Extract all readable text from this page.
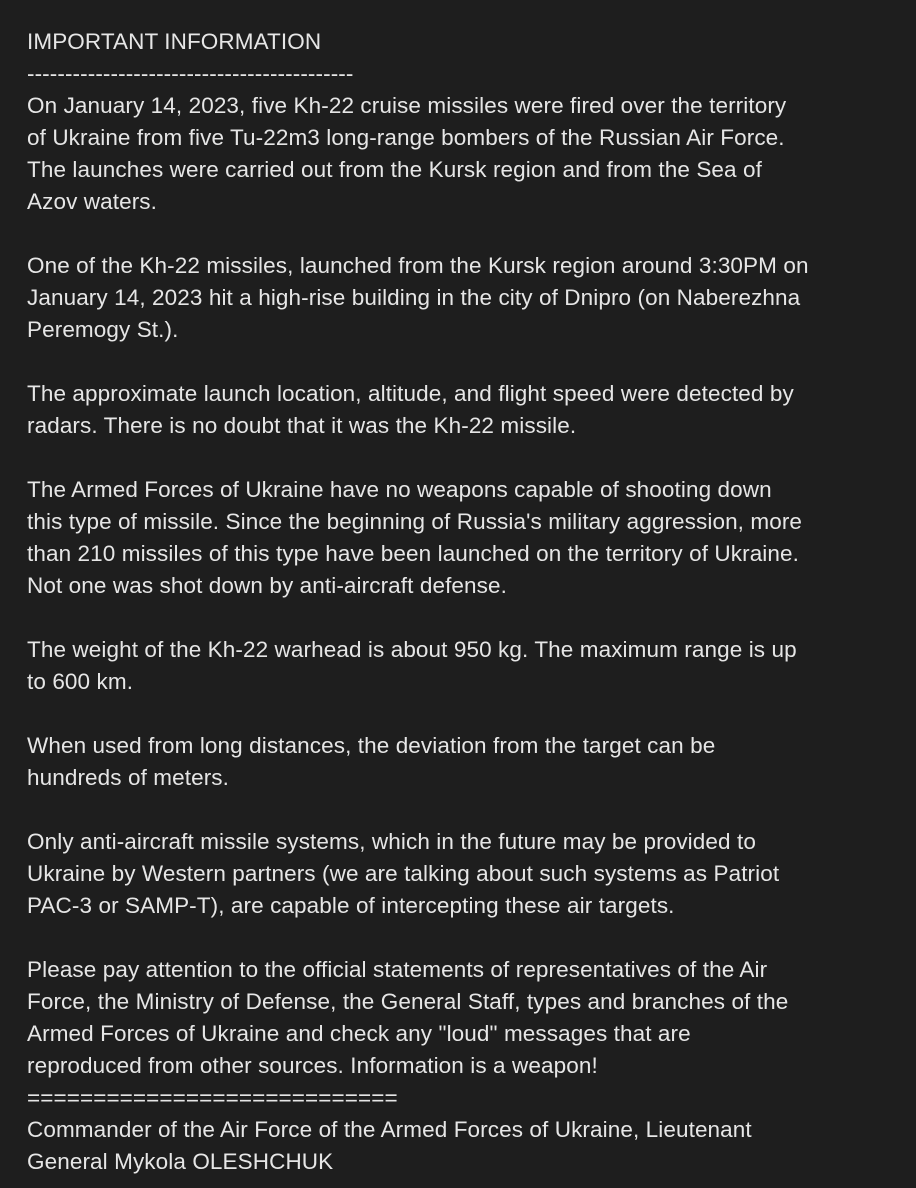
IMPORTANT INFORMATION
-------------------------------------------
On January 14, 2023, five Kh-22 cruise missiles were fired over the territory
of Ukraine from five Tu-22m3 long-range bombers of the Russian Air Force.
The launches were carried out from the Kursk region and from the Sea of
Azov waters.
One of the Kh-22 missiles, launched from the Kursk region around 3:30PM on
January 14, 2023 hit a high-rise building in the city of Dnipro (on Naberezhna
Peremogy St.).
The approximate launch location, altitude, and flight speed were detected by
radars. There is no doubt that it was the Kh-22 missile.
The Armed Forces of Ukraine have no weapons capable of shooting down
this type of missile. Since the beginning of Russia's military aggression, more
than 210 missiles of this type have been launched on the territory of Ukraine.
Not one was shot down by anti-aircraft defense.
The weight of the Kh-22 warhead is about 950 kg. The maximum range is up
to 600 km.
When used from long distances, the deviation from the target can be
hundreds of meters.
Only anti-aircraft missile systems, which in the future may be provided to
Ukraine by Western partners (we are talking about such systems as Patriot
PAC-3 or SAMP-T), are capable of intercepting these air targets.
Please pay attention to the official statements of representatives of the Air
Force, the Ministry of Defense, the General Staff, types and branches of the
Armed Forces of Ukraine and check any "loud" messages that are
reproduced from other sources. Information is a weapon!
============================
Commander of the Air Force of the Armed Forces of Ukraine, Lieutenant
General Mykola OLESHCHUK
